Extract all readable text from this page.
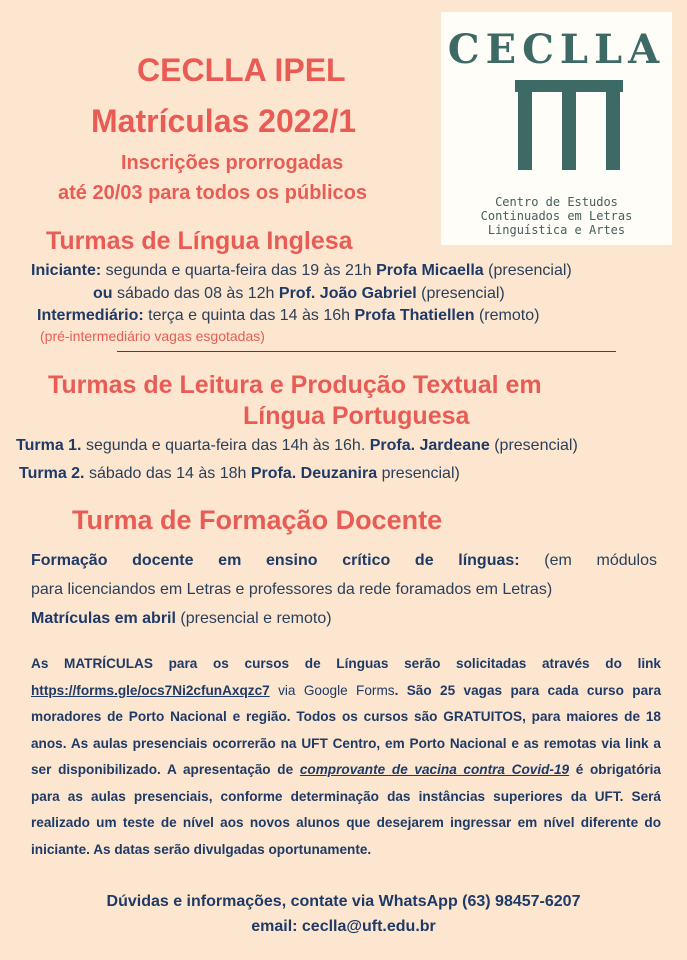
CECLLA
Centro de Estudos
Continuados em Letras
Linguística e Artes
CECLLA IPEL
Matrículas 2022/1
Inscrições prorrogadas
até 20/03 para todos os públicos
Turmas de Língua Inglesa
Iniciante: segunda e quarta-feira das 19 às 21h Profa Micaella (presencial)
ou sábado das 08 às 12h Prof. João Gabriel (presencial)
Intermediário: terça e quinta das 14 às 16h Profa Thatiellen (remoto)
(pré-intermediário vagas esgotadas)
Turmas de Leitura e Produção Textual em
Língua Portuguesa
Turma 1. segunda e quarta-feira das 14h às 16h. Profa. Jardeane (presencial)
Turma 2. sábado das 14 às 18h Profa. Deuzanira presencial)
Turma de Formação Docente
Formação docente em ensino crítico de línguas: (em módulos
para licenciandos em Letras e professores da rede foramados em Letras)
Matrículas em abril (presencial e remoto)
As MATRÍCULAS para os cursos de Línguas serão solicitadas através do link https://forms.gle/ocs7Ni2cfunAxqzc7 via Google Forms. São 25 vagas para cada curso para moradores de Porto Nacional e região. Todos os cursos são GRATUITOS, para maiores de 18 anos. As aulas presenciais ocorrerão na UFT Centro, em Porto Nacional e as remotas via link a ser disponibilizado. A apresentação de comprovante de vacina contra Covid-19 é obrigatória para as aulas presenciais, conforme determinação das instâncias superiores da UFT. Será realizado um teste de nível aos novos alunos que desejarem ingressar em nível diferente do iniciante. As datas serão divulgadas oportunamente.
Dúvidas e informações, contate via WhatsApp (63) 98457-6207
email: ceclla@uft.edu.br
